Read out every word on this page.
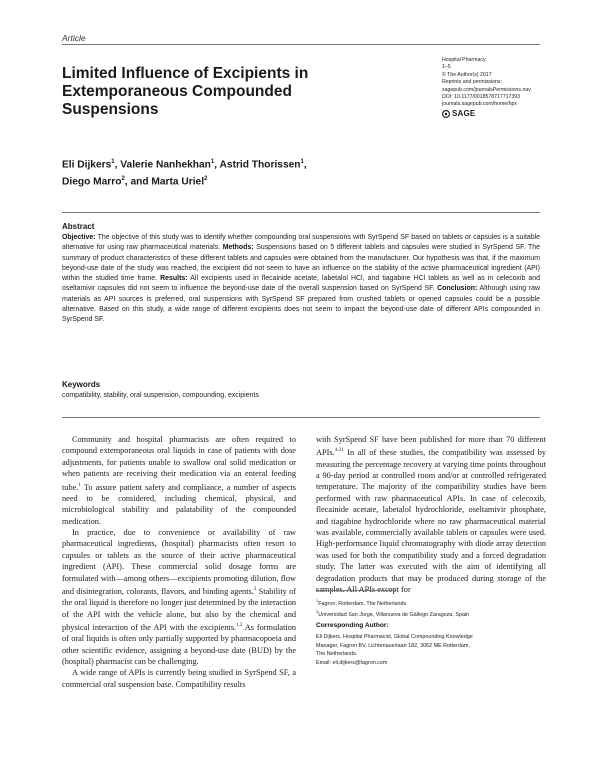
Article
Limited Influence of Excipients in Extemporaneous Compounded Suspensions
Hospital Pharmacy
1–5
© The Author(s) 2017
Reprints and permissions:
sagepub.com/journalsPermissions.nav
DOI: 10.1177/0018578717717393
journals.sagepub.com/home/hpx
SAGE
Eli Dijkers$^1$, Valerie Nanhekhan$^1$, Astrid Thorissen$^1$,
Diego Marro$^2$, and Marta Uriel$^2$
Abstract
Objective: The objective of this study was to identify whether compounding oral suspensions with SyrSpend SF based on tablets or capsules is a suitable alternative for using raw pharmaceutical materials. Methods: Suspensions based on 5 different tablets and capsules were studied in SyrSpend SF. The summary of product characteristics of these different tablets and capsules were obtained from the manufacturer. Our hypothesis was that, if the maximum beyond-use date of the study was reached, the excipient did not seem to have an influence on the stability of the active pharmaceutical ingredient (API) within the studied time frame. Results: All excipients used in flecainide acetate, labetalol HCl, and tiagabine HCl tablets as well as in celecoxib and oseltamivir capsules did not seem to influence the beyond-use date of the overall suspension based on SyrSpend SF. Conclusion: Although using raw materials as API sources is preferred, oral suspensions with SyrSpend SF prepared from crushed tablets or opened capsules could be a possible alternative. Based on this study, a wide range of different excipients does not seem to impact the beyond-use date of different APIs compounded in SyrSpend SF.
Keywords
compatibility, stability, oral suspension, compounding, excipients

Community and hospital pharmacists are often required to compound extemporaneous oral liquids in case of patients with dose adjustments, for patients unable to swallow oral solid medication or when patients are receiving their medication via an enteral feeding tube.$^1$ To assure patient safety and compliance, a number of aspects need to be considered, including chemical, physical, and microbiological stability and palatability of the compounded medication.

In practice, due to convenience or availability of raw pharmaceutical ingredients, (hospital) pharmacists often resort to capsules or tablets as the source of their active pharmaceutical ingredient (API). These commercial solid dosage forms are formulated with—among others—excipients promoting dilution, flow and disintegration, colorants, flavors, and binding agents.$^2$ Stability of the oral liquid is therefore no longer just determined by the interaction of the API with the vehicle alone, but also by the chemical and physical interaction of the API with the excipients.$^{1,3}$ As formulation of oral liquids is often only partially supported by pharmacopoeia and other scientific evidence, assigning a beyond-use date (BUD) by the (hospital) pharmacist can be challenging.

A wide range of APIs is currently being studied in SyrSpend SF, a commercial oral suspension base. Compatibility results

with SyrSpend SF have been published for more than 70 different APIs.$^{4-21}$ In all of these studies, the compatibility was assessed by measuring the percentage recovery at varying time points throughout a 90-day period at controlled room and/or at controlled refrigerated temperature. The majority of the compatibility studies have been performed with raw pharmaceutical APIs. In case of celecoxib, flecainide acetate, labetalol hydrochloride, oseltamivir phosphate, and tiagabine hydrochloride where no raw pharmaceutical material was available, commercially available tablets or capsules were used. High-performance liquid chromatography with diode array detection was used for both the compatibility study and a forced degradation study. The latter was executed with the aim of identifying all degradation products that may be produced during storage of the samples. All APIs except for

$^1$Fagron, Rotterdam, The Netherlands
$^2$Universidad San Jorge, Villanueva de Gállego Zaragoza, Spain
Corresponding Author:
Eli Dijkers, Hospital Pharmacist, Global Compounding Knowledge
Manager, Fagron BV, Lichtenauerlaan 182, 3062 ME Rotterdam,
The Netherlands.
Email: eli.dijkers@fagron.com
